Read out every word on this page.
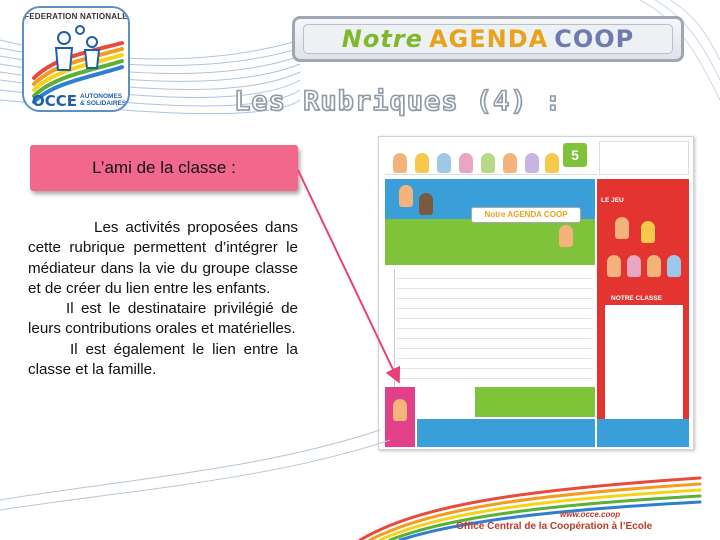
FEDERATION NATIONALE
OCCE AUTONOMES
& SOLIDAIRES
Notre AGENDA COOP
Les Rubriques (4) :
L’ami de la classe :

Les activités proposées dans cette rubrique permettent d’intégrer le médiateur dans la vie du groupe classe et de créer du lien entre les enfants.

Il est le destinataire privilégié de leurs contributions orales et matérielles.

Il est également le lien entre la classe et la famille.

5
Notre AGENDA COOP
LE JEU
NOTRE CLASSE
www.occe.coop
Office Central de la Coopération à l’Ecole
